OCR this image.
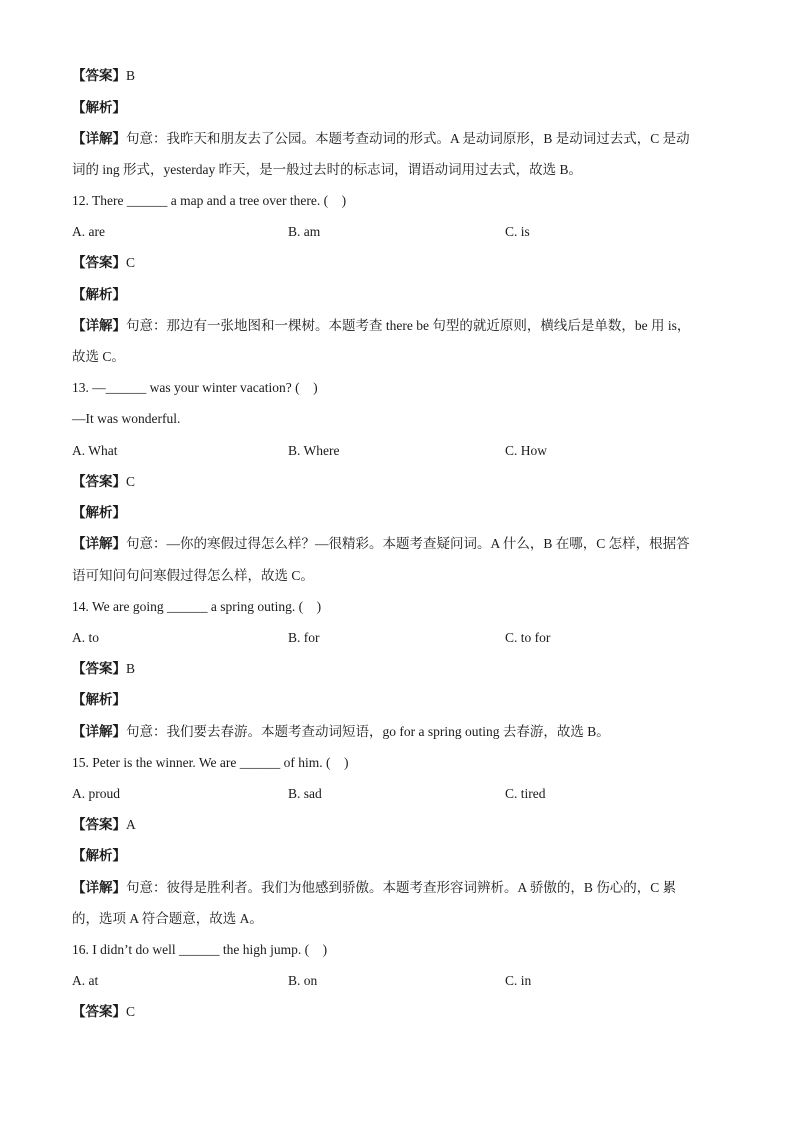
【答案】B
【解析】
【详解】句意：我昨天和朋友去了公园。本题考查动词的形式。A 是动词原形，B 是动词过去式，C 是动
词的 ing 形式，yesterday 昨天，是一般过去时的标志词，谓语动词用过去式，故选 B。
12. There ______ a map and a tree over there. (　)
A. are	B. am	C. is
【答案】C
【解析】
【详解】句意：那边有一张地图和一棵树。本题考查 there be 句型的就近原则，横线后是单数，be 用 is，
故选 C。
13. —______ was your winter vacation? (　)
—It was wonderful.
A. What	B. Where	C. How
【答案】C
【解析】
【详解】句意：—你的寒假过得怎么样？—很精彩。本题考查疑问词。A 什么，B 在哪，C 怎样，根据答
语可知问句问寒假过得怎么样，故选 C。
14. We are going ______ a spring outing. (　)
A. to	B. for	C. to for
【答案】B
【解析】
【详解】句意：我们要去春游。本题考查动词短语，go for a spring outing 去春游，故选 B。
15. Peter is the winner. We are ______ of him. (　)
A. proud	B. sad	C. tired
【答案】A
【解析】
【详解】句意：彼得是胜利者。我们为他感到骄傲。本题考查形容词辨析。A 骄傲的，B 伤心的，C 累
的，选项 A 符合题意，故选 A。
16. I didn’t do well ______ the high jump. (　)
A. at	B. on	C. in
【答案】C
